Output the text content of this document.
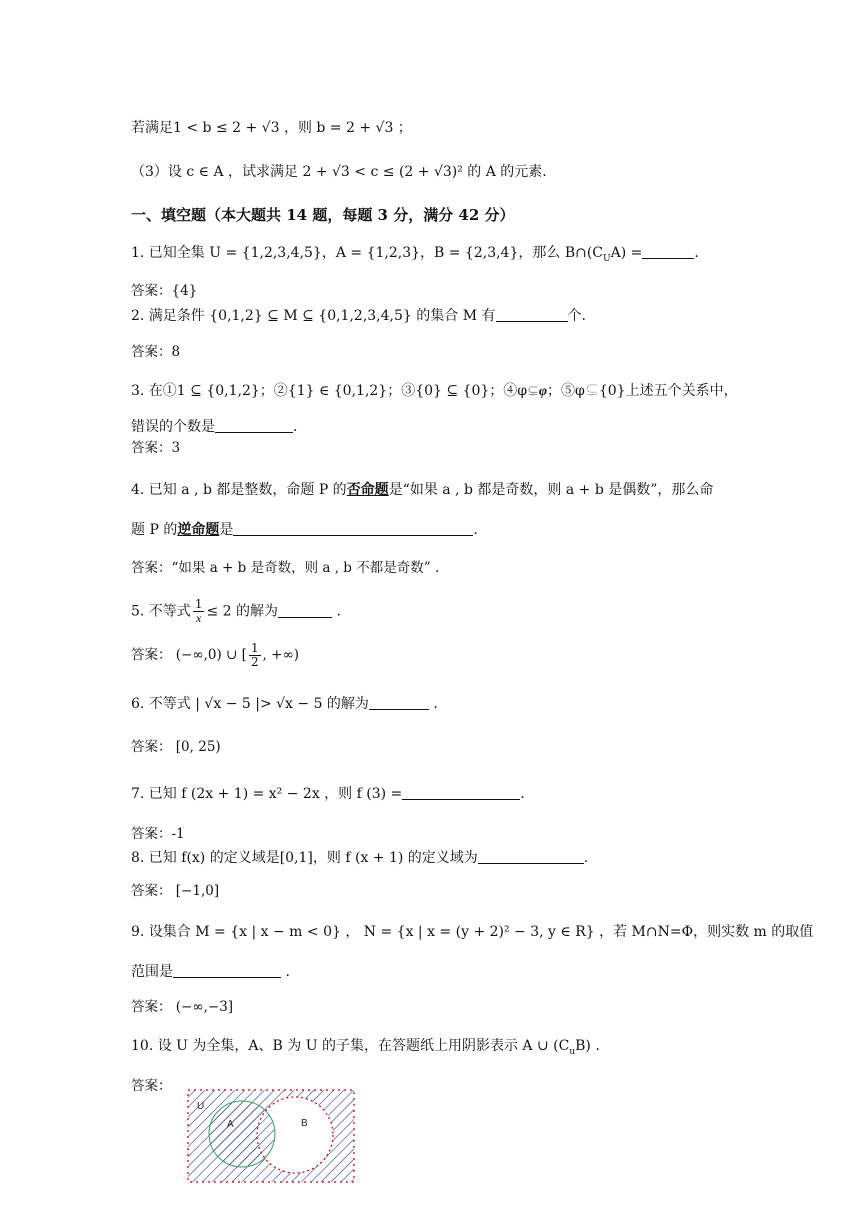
若满足1 < b ≤ 2 + √3 ，则 b = 2 + √3 ；
（3）设 c ∈ A ，试求满足 2 + √3 < c ≤ (2 + √3)² 的 A 的元素.
一、填空题（本大题共 14 题，每题 3 分，满分 42 分）
1. 已知全集 U = {1,2,3,4,5}，A = {1,2,3}，B = {2,3,4}，那么 $B\cap(C_UA)$ =	.
答案：{4}
2. 满足条件 {0,1,2} ⊆ M ⊆ {0,1,2,3,4,5} 的集合 M 有	个.
答案：8
3. 在①1 ⊆ {0,1,2}；②{1} ∈ {0,1,2}；③{0} ⊆ {0}；④φ⊊φ；⑤φ⊊{0}上述五个关系中，
错误的个数是	.
答案：3
4. 已知 a , b 都是整数，命题 P 的否命题是“如果 a , b 都是奇数，则 a + b 是偶数”，那么命
题 P 的逆命题是	.
答案：“如果 a + b 是奇数，则 a , b 不都是奇数” .
5. 不等式 $\frac{1}{x} \le 2$ 的解为	.
答案： (−∞,0) ∪ [ $\frac{1}{2}$ , +∞)
6. 不等式 | √x − 5 |> √x − 5 的解为	.
答案： [0, 25)
7. 已知 f (2x + 1) = x² − 2x ，则 f (3) =	.
答案：-1
8. 已知 f(x) 的定义域是[0,1]，则 f (x + 1) 的定义域为	.
答案： [−1,0]
9. 设集合 M = {x | x − m < 0} ， N = {x | x = (y + 2)² − 3, y ∈ R} ，若 M∩N=Φ，则实数 m 的取值
范围是	.
答案： (−∞,−3]
10. 设 U 为全集，A、B 为 U 的子集，在答题纸上用阴影表示 A ∪ $(C_uB)$ .
答案：
U
A	B
